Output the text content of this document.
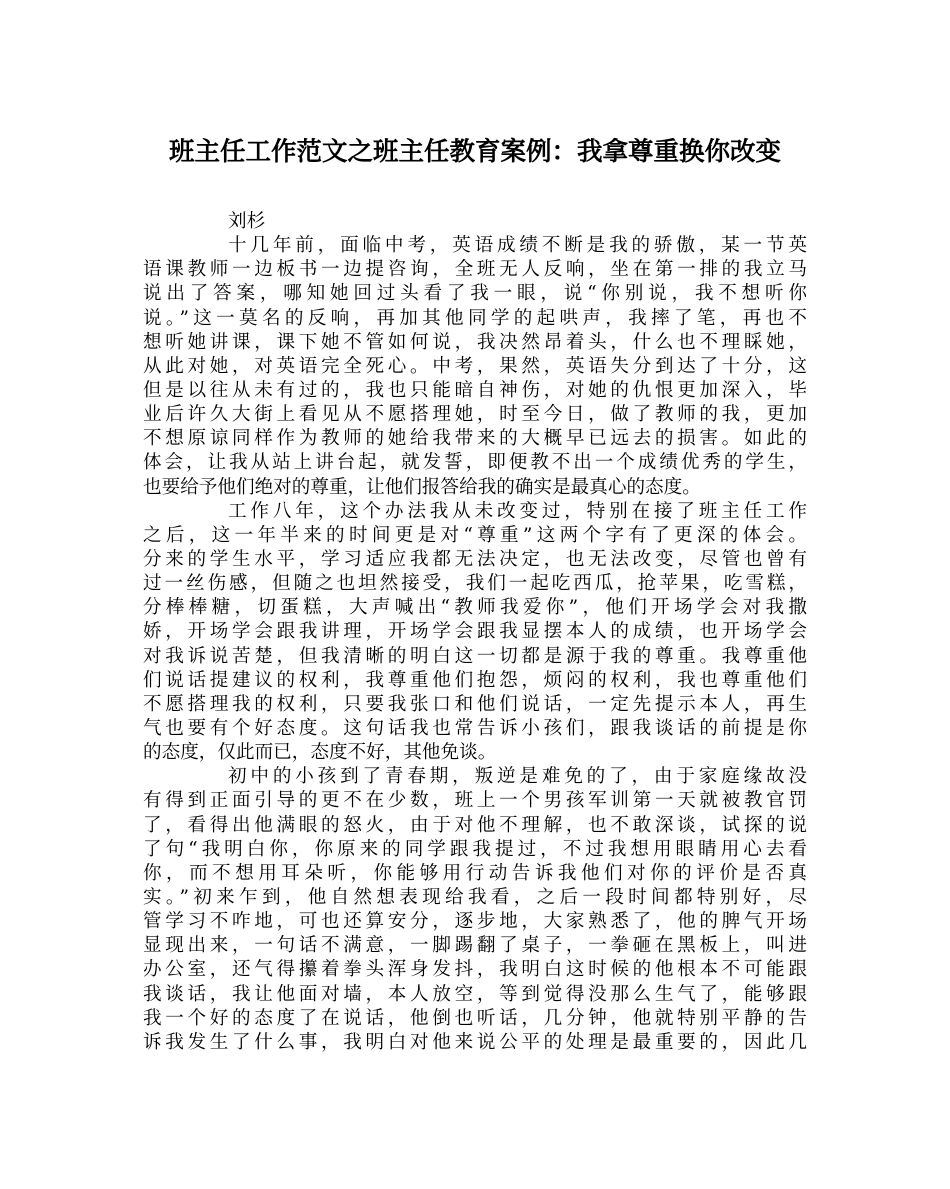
班主任工作范文之班主任教育案例：我拿尊重换你改变
刘杉
十几年前，面临中考，英语成绩不断是我的骄傲，某一节英
语课教师一边板书一边提咨询，全班无人反响，坐在第一排的我立马
说出了答案，哪知她回过头看了我一眼，说“你别说，我不想听你
说。”这一莫名的反响，再加其他同学的起哄声，我摔了笔，再也不
想听她讲课，课下她不管如何说，我决然昂着头，什么也不理睬她，
从此对她，对英语完全死心。中考，果然，英语失分到达了十分，这
但是以往从未有过的，我也只能暗自神伤，对她的仇恨更加深入，毕
业后许久大街上看见从不愿搭理她，时至今日，做了教师的我，更加
不想原谅同样作为教师的她给我带来的大概早已远去的损害。如此的
体会，让我从站上讲台起，就发誓，即便教不出一个成绩优秀的学生，
也要给予他们绝对的尊重，让他们报答给我的确实是最真心的态度。
工作八年，这个办法我从未改变过，特别在接了班主任工作
之后，这一年半来的时间更是对“尊重”这两个字有了更深的体会。
分来的学生水平，学习适应我都无法决定，也无法改变，尽管也曾有
过一丝伤感，但随之也坦然接受，我们一起吃西瓜，抢苹果，吃雪糕，
分棒棒糖，切蛋糕，大声喊出“教师我爱你”，他们开场学会对我撒
娇，开场学会跟我讲理，开场学会跟我显摆本人的成绩，也开场学会
对我诉说苦楚，但我清晰的明白这一切都是源于我的尊重。我尊重他
们说话提建议的权利，我尊重他们抱怨，烦闷的权利，我也尊重他们
不愿搭理我的权利，只要我张口和他们说话，一定先提示本人，再生
气也要有个好态度。这句话我也常告诉小孩们，跟我谈话的前提是你
的态度，仅此而已，态度不好，其他免谈。
初中的小孩到了青春期，叛逆是难免的了，由于家庭缘故没
有得到正面引导的更不在少数，班上一个男孩军训第一天就被教官罚
了，看得出他满眼的怒火，由于对他不理解，也不敢深谈，试探的说
了句“我明白你，你原来的同学跟我提过，不过我想用眼睛用心去看
你，而不想用耳朵听，你能够用行动告诉我他们对你的评价是否真
实。”初来乍到，他自然想表现给我看，之后一段时间都特别好，尽
管学习不咋地，可也还算安分，逐步地，大家熟悉了，他的脾气开场
显现出来，一句话不满意，一脚踢翻了桌子，一拳砸在黑板上，叫进
办公室，还气得攥着拳头浑身发抖，我明白这时候的他根本不可能跟
我谈话，我让他面对墙，本人放空，等到觉得没那么生气了，能够跟
我一个好的态度了在说话，他倒也听话，几分钟，他就特别平静的告
诉我发生了什么事，我明白对他来说公平的处理是最重要的，因此几
